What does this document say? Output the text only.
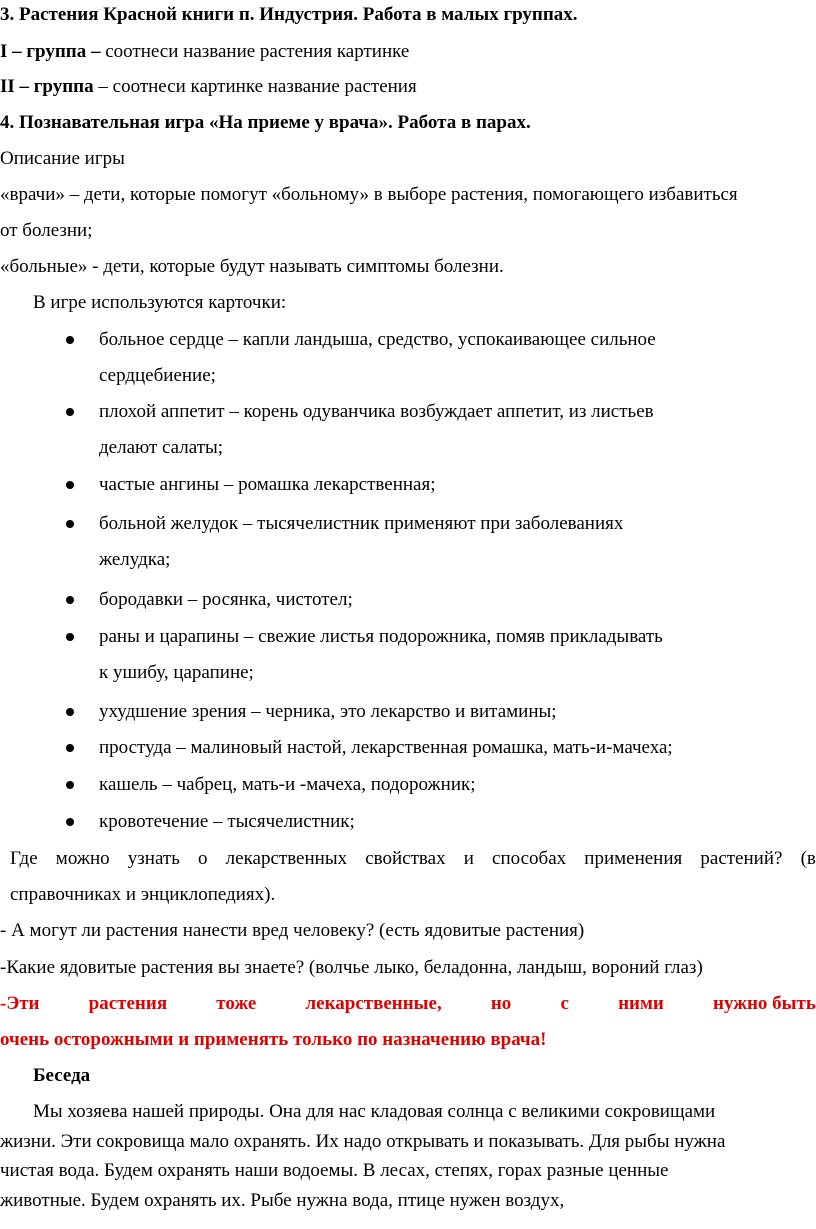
3. Растения Красной книги п. Индустрия. Работа в малых группах.
I – группа – соотнеси название растения картинке
II – группа – соотнеси картинке название растения
4. Познавательная игра «На приеме у врача». Работа в парах.
Описание игры
«врачи» – дети, которые помогут «больному» в выборе растения, помогающего избавиться
от болезни;
«больные» - дети, которые будут называть симптомы болезни.
В игре используются карточки:
больное сердце – капли ландыша, средство, успокаивающее сильное
сердцебиение;
плохой аппетит – корень одуванчика возбуждает аппетит, из листьев
делают салаты;
частые ангины – ромашка лекарственная;
больной желудок – тысячелистник применяют при заболеваниях
желудка;
бородавки – росянка, чистотел;
раны и царапины – свежие листья подорожника, помяв прикладывать
к ушибу, царапине;
ухудшение зрения – черника, это лекарство и витамины;
простуда – малиновый настой, лекарственная ромашка, мать-и-мачеха;
кашель – чабрец, мать-и -мачеха, подорожник;
кровотечение – тысячелистник;
Где можно узнать о лекарственных свойствах и способах применения растений? (в
справочниках и энциклопедиях).
- А могут ли растения нанести вред человеку? (есть ядовитые растения)
-Какие ядовитые растения вы знаете? (волчье лыко, беладонна, ландыш, вороний глаз)
-Эти	растения	тоже	лекарственные,	но	с	ними	нужно быть
очень осторожными и применять только по назначению врача!
Беседа
Мы хозяева нашей природы. Она для нас кладовая солнца с великими сокровищами
жизни. Эти сокровища мало охранять. Их надо открывать и показывать. Для рыбы нужна
чистая вода. Будем охранять наши водоемы. В лесах, степях, горах разные ценные
животные. Будем охранять их. Рыбе нужна вода, птице нужен воздух,
